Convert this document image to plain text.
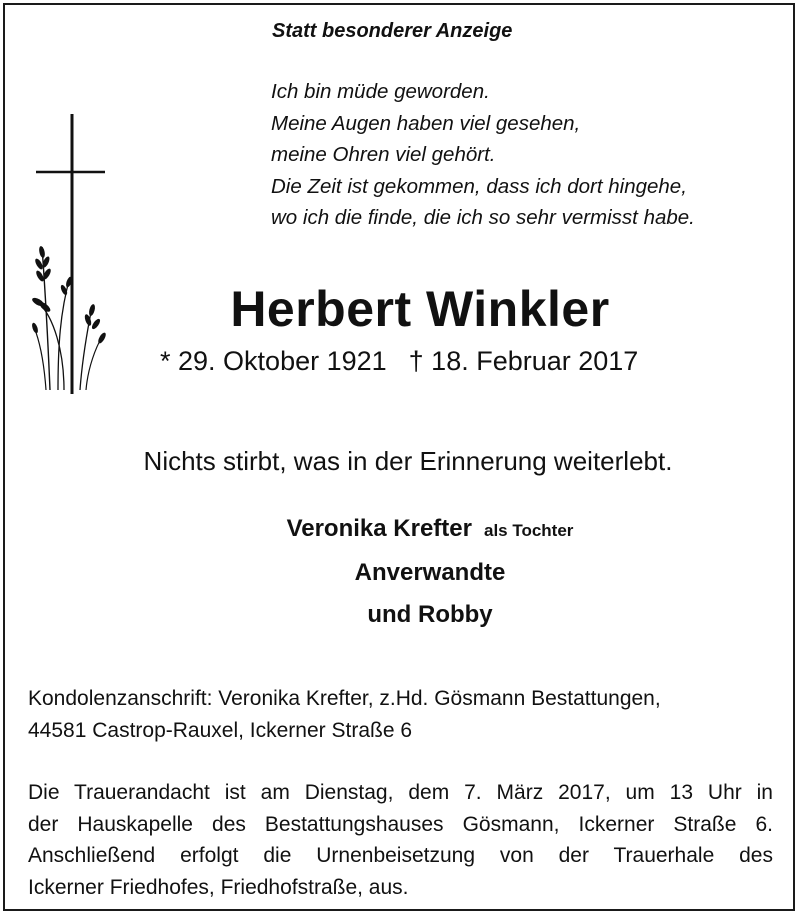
Statt besonderer Anzeige
Ich bin müde geworden.
Meine Augen haben viel gesehen,
meine Ohren viel gehört.
Die Zeit ist gekommen, dass ich dort hingehe,
wo ich die finde, die ich so sehr vermisst habe.
Herbert Winkler
* 29. Oktober 1921 † 18. Februar 2017
Nichts stirbt, was in der Erinnerung weiterlebt.
Veronika Krefter als Tochter
Anverwandte
und Robby
Kondolenzanschrift: Veronika Krefter, z.Hd. Gösmann Bestattungen,
44581 Castrop-Rauxel, Ickerner Straße 6
Die Trauerandacht ist am Dienstag, dem 7. März 2017, um 13 Uhr in
der Hauskapelle des Bestattungshauses Gösmann, Ickerner Straße 6.
Anschließend erfolgt die Urnenbeisetzung von der Trauerhale des
Ickerner Friedhofes, Friedhofstraße, aus.
